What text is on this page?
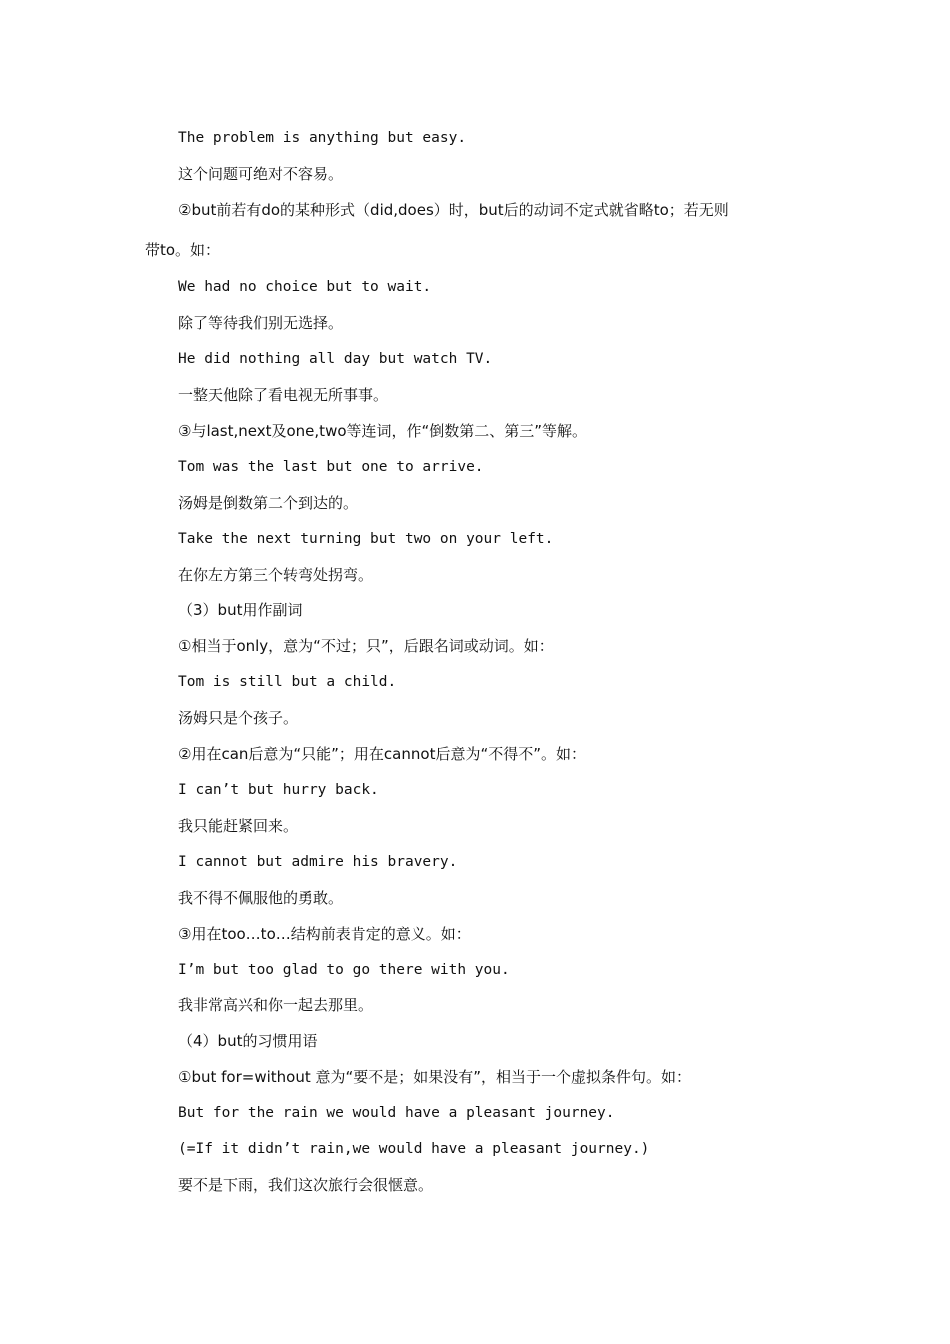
The problem is anything but easy.
这个问题可绝对不容易。
②but前若有do的某种形式（did,does）时，but后的动词不定式就省略to；若无则
带to。如：
We had no choice but to wait.
除了等待我们别无选择。
He did nothing all day but watch TV.
一整天他除了看电视无所事事。
③与last,next及one,two等连词，作“倒数第二、第三”等解。
Tom was the last but one to arrive.
汤姆是倒数第二个到达的。
Take the next turning but two on your left.
在你左方第三个转弯处拐弯。
（3）but用作副词
①相当于only，意为“不过；只”，后跟名词或动词。如：
Tom is still but a child.
汤姆只是个孩子。
②用在can后意为“只能”；用在cannot后意为“不得不”。如：
I can’t but hurry back.
我只能赶紧回来。
I cannot but admire his bravery.
我不得不佩服他的勇敢。
③用在too…to…结构前表肯定的意义。如：
I’m but too glad to go there with you.
我非常高兴和你一起去那里。
（4）but的习惯用语
①but for=without 意为“要不是；如果没有”，相当于一个虚拟条件句。如：
But for the rain we would have a pleasant journey.
(=If it didn’t rain,we would have a pleasant journey.)
要不是下雨，我们这次旅行会很惬意。
